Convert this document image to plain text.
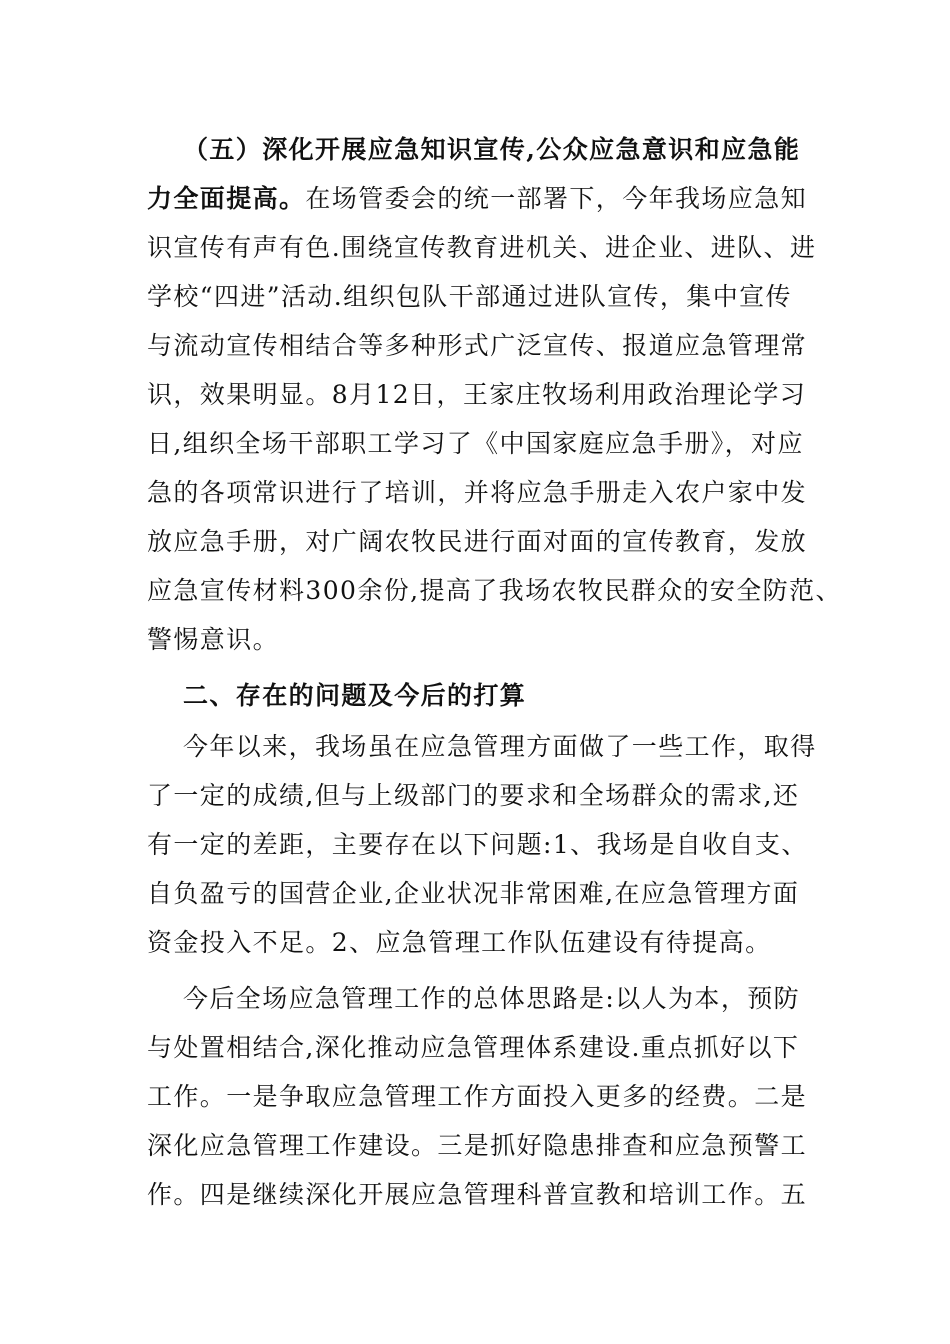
（五）深化开展应急知识宣传,公众应急意识和应急能
力全面提高。在场管委会的统一部署下，今年我场应急知
识宣传有声有色.围绕宣传教育进机关、进企业、进队、进
学校“四进”活动.组织包队干部通过进队宣传，集中宣传
与流动宣传相结合等多种形式广泛宣传、报道应急管理常
识，效果明显。8月12日，王家庄牧场利用政治理论学习
日,组织全场干部职工学习了《中国家庭应急手册》，对应
急的各项常识进行了培训，并将应急手册走入农户家中发
放应急手册，对广阔农牧民进行面对面的宣传教育，发放
应急宣传材料300余份,提高了我场农牧民群众的安全防范、
警惕意识。
二、存在的问题及今后的打算
今年以来，我场虽在应急管理方面做了一些工作，取得
了一定的成绩,但与上级部门的要求和全场群众的需求,还
有一定的差距，主要存在以下问题:1、我场是自收自支、
自负盈亏的国营企业,企业状况非常困难,在应急管理方面
资金投入不足。2、应急管理工作队伍建设有待提高。
今后全场应急管理工作的总体思路是:以人为本，预防
与处置相结合,深化推动应急管理体系建设.重点抓好以下
工作。一是争取应急管理工作方面投入更多的经费。二是
深化应急管理工作建设。三是抓好隐患排查和应急预警工
作。四是继续深化开展应急管理科普宣教和培训工作。五
